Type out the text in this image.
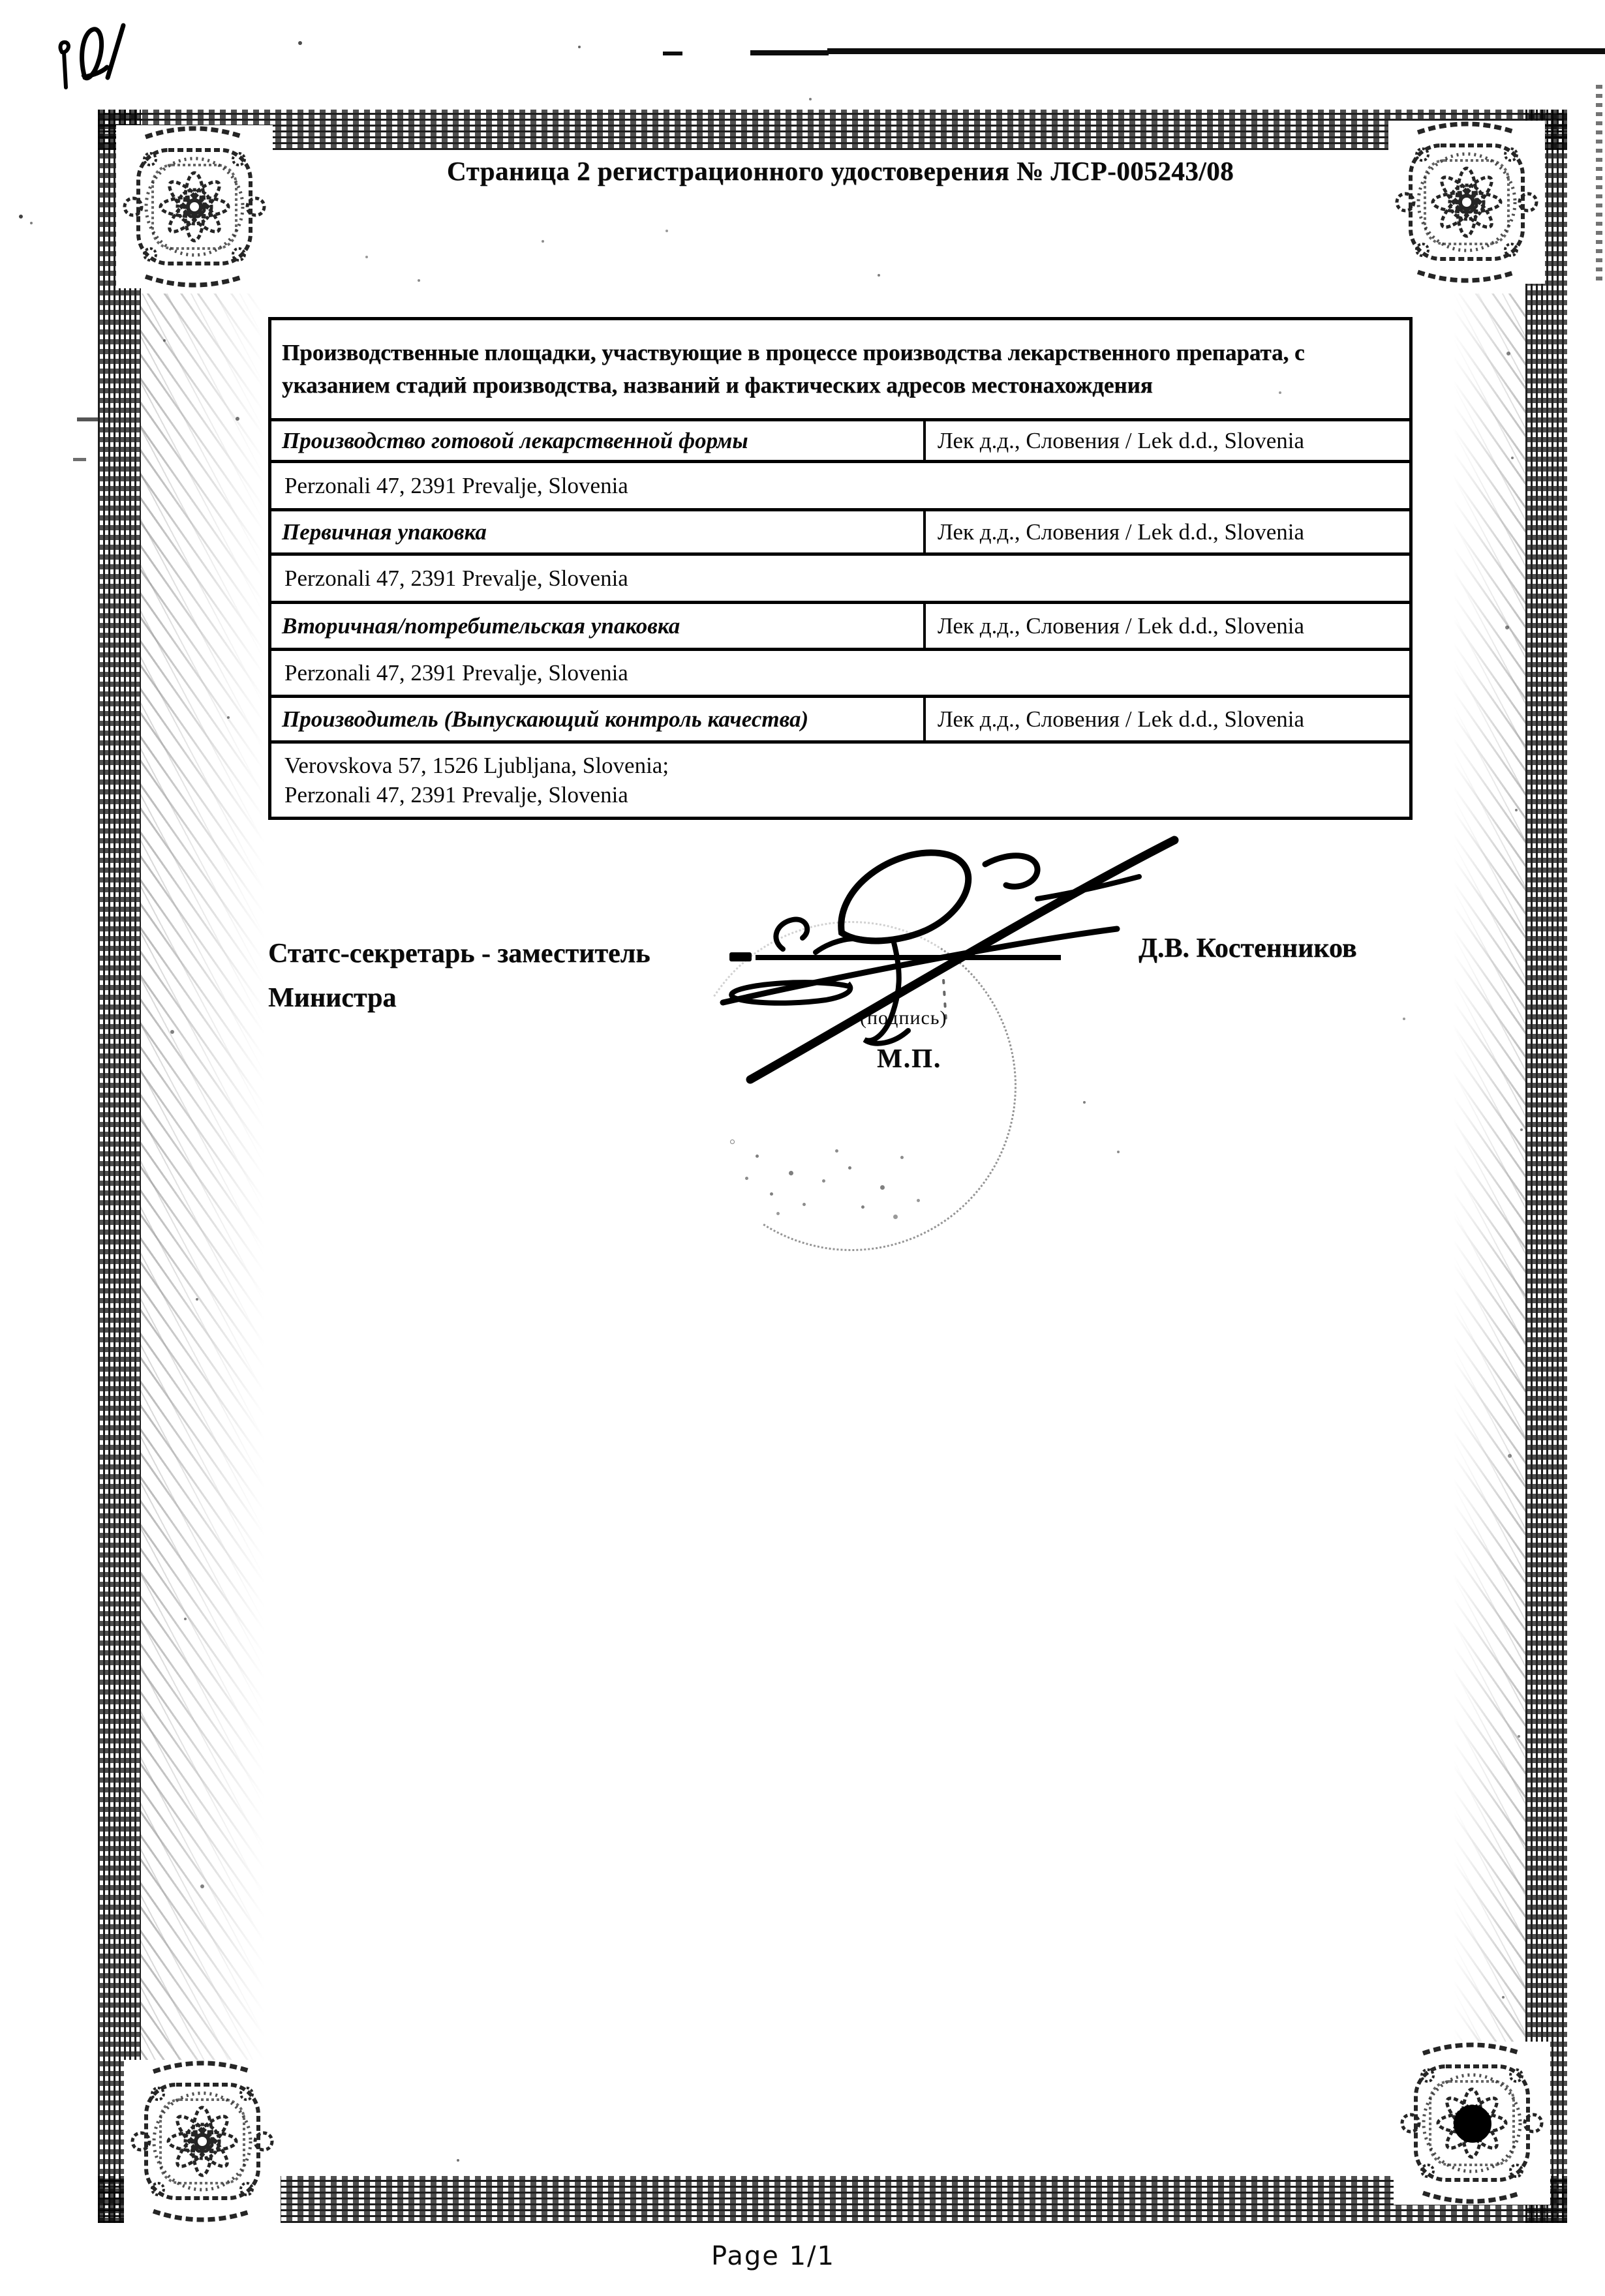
Страница 2 регистрационного удостоверения № ЛСР-005243/08
Производственные площадки, участвующие в процессе производства лекарственного препарата, с указанием стадий производства, названий и фактических адресов местонахождения
Производство готовой лекарственной формы	Лек д.д., Словения / Lek d.d., Slovenia
Perzonali 47, 2391 Prevalje, Slovenia
Первичная упаковка	Лек д.д., Словения / Lek d.d., Slovenia
Perzonali 47, 2391 Prevalje, Slovenia
Вторичная/потребительская упаковка	Лек д.д., Словения / Lek d.d., Slovenia
Perzonali 47, 2391 Prevalje, Slovenia
Производитель (Выпускающий контроль качества)	Лек д.д., Словения / Lek d.d., Slovenia
Verovskova 57, 1526 Ljubljana, Slovenia;
Perzonali 47, 2391 Prevalje, Slovenia
Статс-секретарь - заместитель
Министра
Д.В. Костенников
(подпись)
М.П.
Page 1/1
